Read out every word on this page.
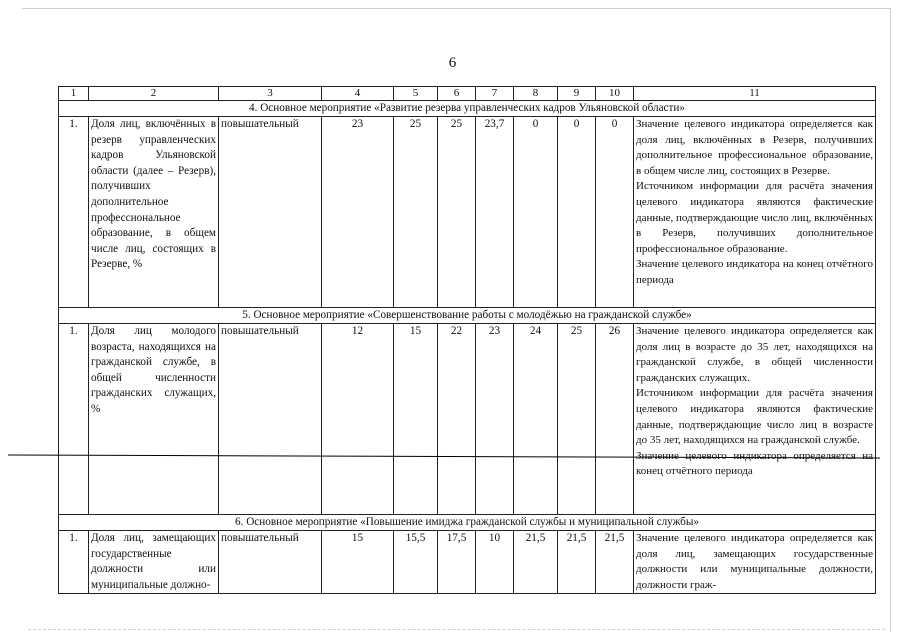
6
1	2	3	4	5	6	7	8	9	10	11
4. Основное мероприятие «Развитие резерва управленческих кадров Ульяновской области»										
1.	Доля лиц, включённых в резерв управленческих кадров Ульяновской области (далее – Резерв), получивших дополнительное профессиональное образование, в общем числе лиц, состоящих в Резерве, %	повышательный	23	25	25	23,7	0	0	0	Значение целевого индикатора определяется как доля лиц, включённых в Резерв, получивших дополнительное профессиональное образование, в общем числе лиц, состоящих в Резерве.

Источником информации для расчёта значения целевого индикатора являются фактические данные, подтверждающие число лиц, включённых в Резерв, получивших дополнительное профессиональное образование.

Значение целевого индикатора на конец отчётного периода

5. Основное мероприятие «Совершенствование работы с молодёжью на гражданской службе»										
1.	Доля лиц молодого возраста, находящихся на гражданской службе, в общей численности гражданских служащих, %	повышательный	12	15	22	23	24	25	26	Значение целевого индикатора определяется как доля лиц в возрасте до 35 лет, находящихся на гражданской службе, в общей численности гражданских служащих.

Источником информации для расчёта значения целевого индикатора являются фактические данные, подтверждающие число лиц в возрасте до 35 лет, находящихся на гражданской службе.

Значение целевого индикатора определяется на конец отчётного периода

6. Основное мероприятие «Повышение имиджа гражданской службы и муниципальной службы»										
1.	Доля лиц, замещающих государственные должности или муниципальные должно-	повышательный	15	15,5	17,5	10	21,5	21,5	21,5	Значение целевого индикатора определяется как доля лиц, замещающих государственные должности или муниципальные должности, должности граж-
